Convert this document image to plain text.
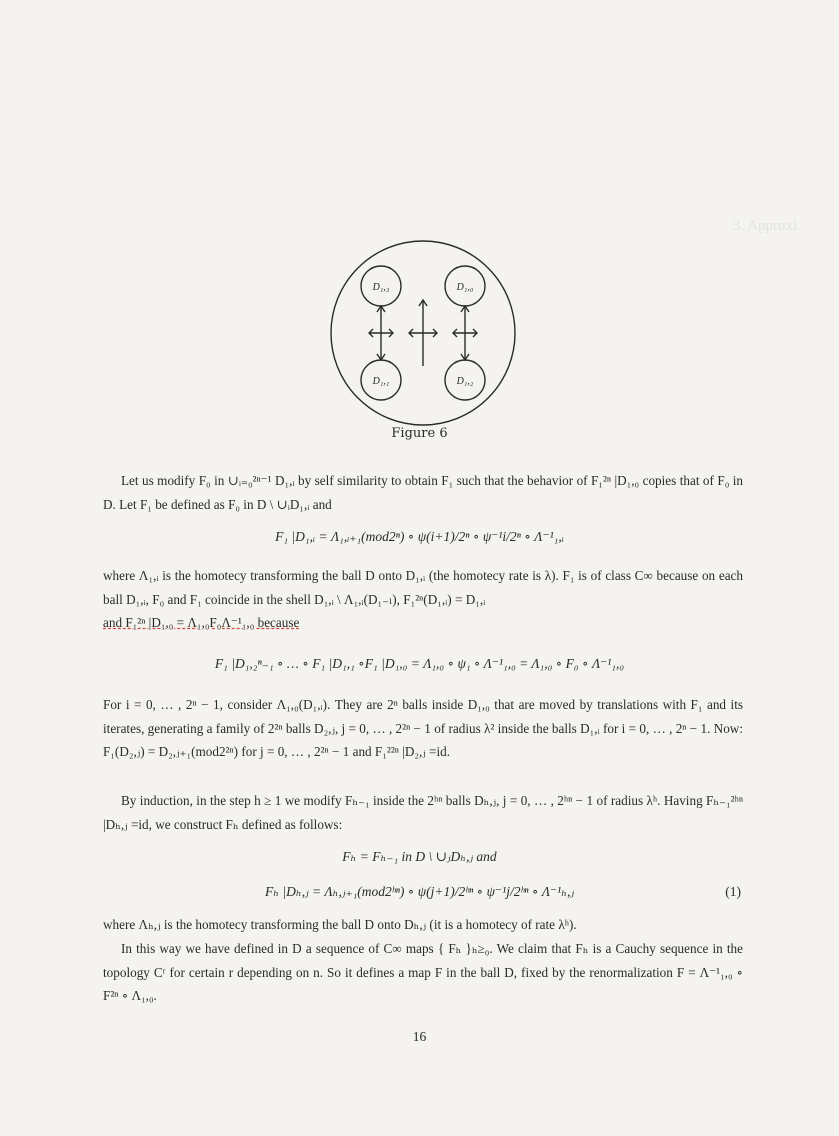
3. Approxi
D₁,₃	D₁,₀
D₁,₁	D₁,₂
Figure 6
Let us modify F₀ in ∪ᵢ₌₀²ⁿ⁻¹ D₁,ᵢ by self similarity to obtain F₁ such that the behavior of F₁²ⁿ |D₁,₀ copies that of F₀ in D. Let F₁ be defined as F₀ in D \ ∪ᵢD₁,ᵢ and
F₁ |D₁,ᵢ = Λ₁,ᵢ₊₁(mod2ⁿ) ∘ ψ(i+1)/2ⁿ ∘ ψ⁻¹i/2ⁿ ∘ Λ⁻¹₁,ᵢ
where Λ₁,ᵢ is the homotecy transforming the ball D onto D₁,ᵢ (the homotecy rate is λ). F₁ is of class C∞ because on each ball D₁,ᵢ, F₀ and F₁ coincide in the shell D₁,ᵢ \ Λ₁,ᵢ(D₁₋ₗ), F₁²ⁿ(D₁,ᵢ) = D₁,ᵢ
and F₁²ⁿ |D₁,₀ = Λ₁,₀F₀Λ⁻¹₁,₀ because
F₁ |D₁,₂ⁿ₋₁ ∘ … ∘ F₁ |D₁,₁ ∘F₁ |D₁,₀ = Λ₁,₀ ∘ ψ₁ ∘ Λ⁻¹₁,₀ = Λ₁,₀ ∘ F₀ ∘ Λ⁻¹₁,₀
For i = 0, … , 2ⁿ − 1, consider Λ₁,₀(D₁,ᵢ). They are 2ⁿ balls inside D₁,₀ that are moved by translations with F₁ and its iterates, generating a family of 2²ⁿ balls D₂,ⱼ, j = 0, … , 2²ⁿ − 1 of radius λ² inside the balls D₁,ᵢ for i = 0, … , 2ⁿ − 1. Now: F₁(D₂,ⱼ) = D₂,ⱼ₊₁(mod2²ⁿ) for j = 0, … , 2²ⁿ − 1 and F₁²²ⁿ |D₂,ⱼ =id.
By induction, in the step h ≥ 1 we modify Fₕ₋₁ inside the 2ʰⁿ balls Dₕ,ⱼ, j = 0, … , 2ʰⁿ − 1 of radius λʰ. Having Fₕ₋₁²ʰⁿ |Dₕ,ⱼ =id, we construct Fₕ defined as follows:
Fₕ = Fₕ₋₁ in D \ ∪ⱼDₕ,ⱼ and
Fₕ |Dₕ,ⱼ = Λₕ,ⱼ₊₁(mod2ʰⁿ) ∘ ψ(j+1)/2ʰⁿ ∘ ψ⁻¹j/2ʰⁿ ∘ Λ⁻¹ₕ,ⱼ	(1)
where Λₕ,ⱼ is the homotecy transforming the ball D onto Dₕ,ⱼ (it is a homotecy of rate λʰ).
In this way we have defined in D a sequence of C∞ maps { Fₕ }ₕ≥₀. We claim that Fₕ is a Cauchy sequence in the topology Cʳ for certain r depending on n. So it defines a map F in the ball D, fixed by the renormalization F = Λ⁻¹₁,₀ ∘ F²ⁿ ∘ Λ₁,₀.
16
